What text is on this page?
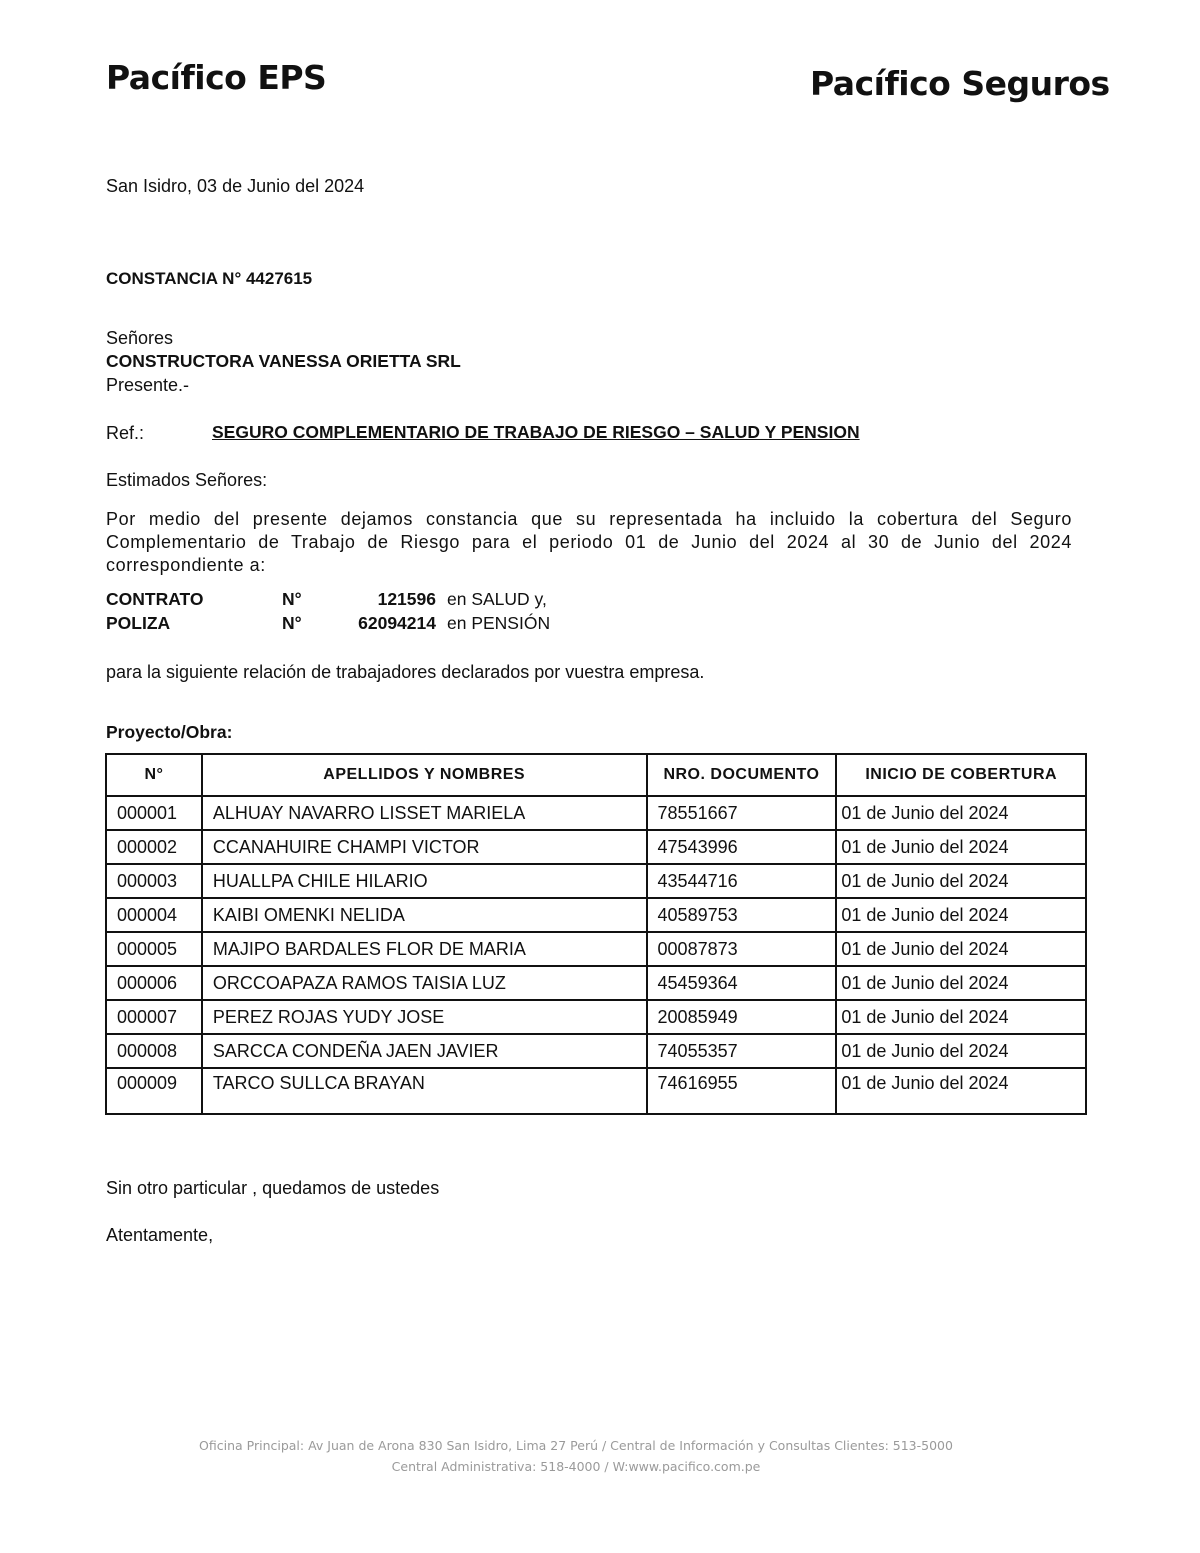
Pacífico EPS	Pacífico Seguros
San Isidro, 03 de Junio del 2024
CONSTANCIA N° 4427615
Señores
CONSTRUCTORA VANESSA ORIETTA SRL
Presente.-
Ref.:	SEGURO COMPLEMENTARIO DE TRABAJO DE RIESGO – SALUD Y PENSION
Estimados Señores:
Por medio del presente dejamos constancia que su representada ha incluido la cobertura del Seguro Complementario de Trabajo de Riesgo para el periodo 01 de Junio del 2024 al 30 de Junio del 2024 correspondiente a:
CONTRATO	N°	121596 en SALUD y,
POLIZA	N°	62094214 en PENSIÓN
para la siguiente relación de trabajadores declarados por vuestra empresa.
Proyecto/Obra:
N°	APELLIDOS Y NOMBRES	NRO. DOCUMENTO	INICIO DE COBERTURA
000001	ALHUAY NAVARRO LISSET MARIELA	78551667	01 de Junio del 2024
000002	CCANAHUIRE CHAMPI VICTOR	47543996	01 de Junio del 2024
000003	HUALLPA CHILE HILARIO	43544716	01 de Junio del 2024
000004	KAIBI OMENKI NELIDA	40589753	01 de Junio del 2024
000005	MAJIPO BARDALES FLOR DE MARIA	00087873	01 de Junio del 2024
000006	ORCCOAPAZA RAMOS TAISIA LUZ	45459364	01 de Junio del 2024
000007	PEREZ ROJAS YUDY JOSE	20085949	01 de Junio del 2024
000008	SARCCA CONDEÑA JAEN JAVIER	74055357	01 de Junio del 2024
000009	TARCO SULLCA BRAYAN	74616955	01 de Junio del 2024
Sin otro particular , quedamos de ustedes
Atentamente,
Oficina Principal: Av Juan de Arona 830 San Isidro, Lima 27 Perú / Central de Información y Consultas Clientes: 513-5000
Central Administrativa: 518-4000 / W:www.pacifico.com.pe
